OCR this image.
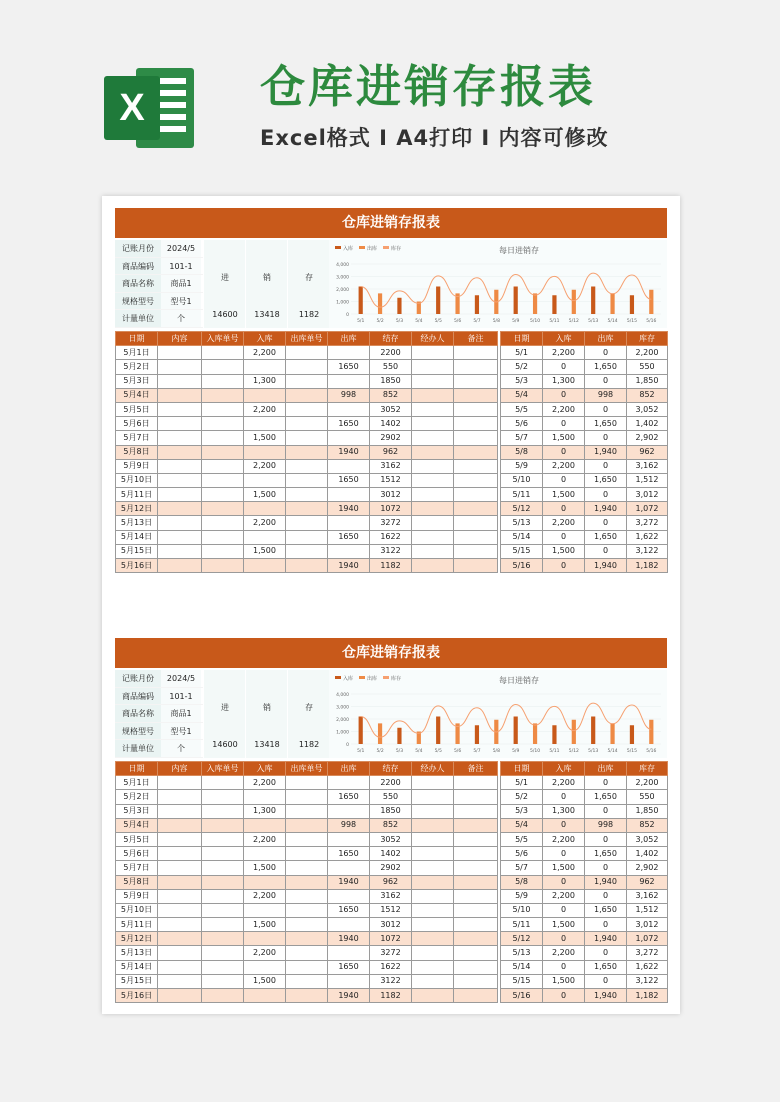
X	仓库进销存报表
Excel格式 Ⅰ A4打印 Ⅰ 内容可修改
仓库进销存报表
记账月份	2024/5
商品编码	101-1
商品名称	商品1
规格型号	型号1
计量单位	个
进
14600
销
13418
存
1182
每日进销存
入库	出库	库存
0
1,000
2,000
3,000
4,000
5/1	5/2	5/3	5/4	5/5	5/6	5/7	5/8	5/9 5/10 5/11 5/12 5/13 5/14 5/15 5/16
日期	内容	入库单号	入库	出库单号	出库	结存	经办人	备注
5月1日			2,200			2200		
5月2日					1650	550		
5月3日			1,300			1850		
5月4日					998	852		
5月5日			2,200			3052		
5月6日					1650	1402		
5月7日			1,500			2902		
5月8日					1940	962		
5月9日			2,200			3162		
5月10日					1650	1512		
5月11日			1,500			3012		
5月12日					1940	1072		
5月13日			2,200			3272		
5月14日					1650	1622		
5月15日			1,500			3122		
5月16日					1940	1182		
日期	入库	出库	库存
5/1	2,200	0	2,200
5/2	0	1,650	550
5/3	1,300	0	1,850
5/4	0	998	852
5/5	2,200	0	3,052
5/6	0	1,650	1,402
5/7	1,500	0	2,902
5/8	0	1,940	962
5/9	2,200	0	3,162
5/10	0	1,650	1,512
5/11	1,500	0	3,012
5/12	0	1,940	1,072
5/13	2,200	0	3,272
5/14	0	1,650	1,622
5/15	1,500	0	3,122
5/16	0	1,940	1,182
仓库进销存报表
记账月份	2024/5
商品编码	101-1
商品名称	商品1
规格型号	型号1
计量单位	个
进
14600
销
13418
存
1182
每日进销存
入库	出库	库存
0
1,000
2,000
3,000
4,000
5/1	5/2	5/3	5/4	5/5	5/6	5/7	5/8	5/9 5/10 5/11 5/12 5/13 5/14 5/15 5/16
日期	内容	入库单号	入库	出库单号	出库	结存	经办人	备注
5月1日			2,200			2200		
5月2日					1650	550		
5月3日			1,300			1850		
5月4日					998	852		
5月5日			2,200			3052		
5月6日					1650	1402		
5月7日			1,500			2902		
5月8日					1940	962		
5月9日			2,200			3162		
5月10日					1650	1512		
5月11日			1,500			3012		
5月12日					1940	1072		
5月13日			2,200			3272		
5月14日					1650	1622		
5月15日			1,500			3122		
5月16日					1940	1182		
日期	入库	出库	库存
5/1	2,200	0	2,200
5/2	0	1,650	550
5/3	1,300	0	1,850
5/4	0	998	852
5/5	2,200	0	3,052
5/6	0	1,650	1,402
5/7	1,500	0	2,902
5/8	0	1,940	962
5/9	2,200	0	3,162
5/10	0	1,650	1,512
5/11	1,500	0	3,012
5/12	0	1,940	1,072
5/13	2,200	0	3,272
5/14	0	1,650	1,622
5/15	1,500	0	3,122
5/16	0	1,940	1,182
